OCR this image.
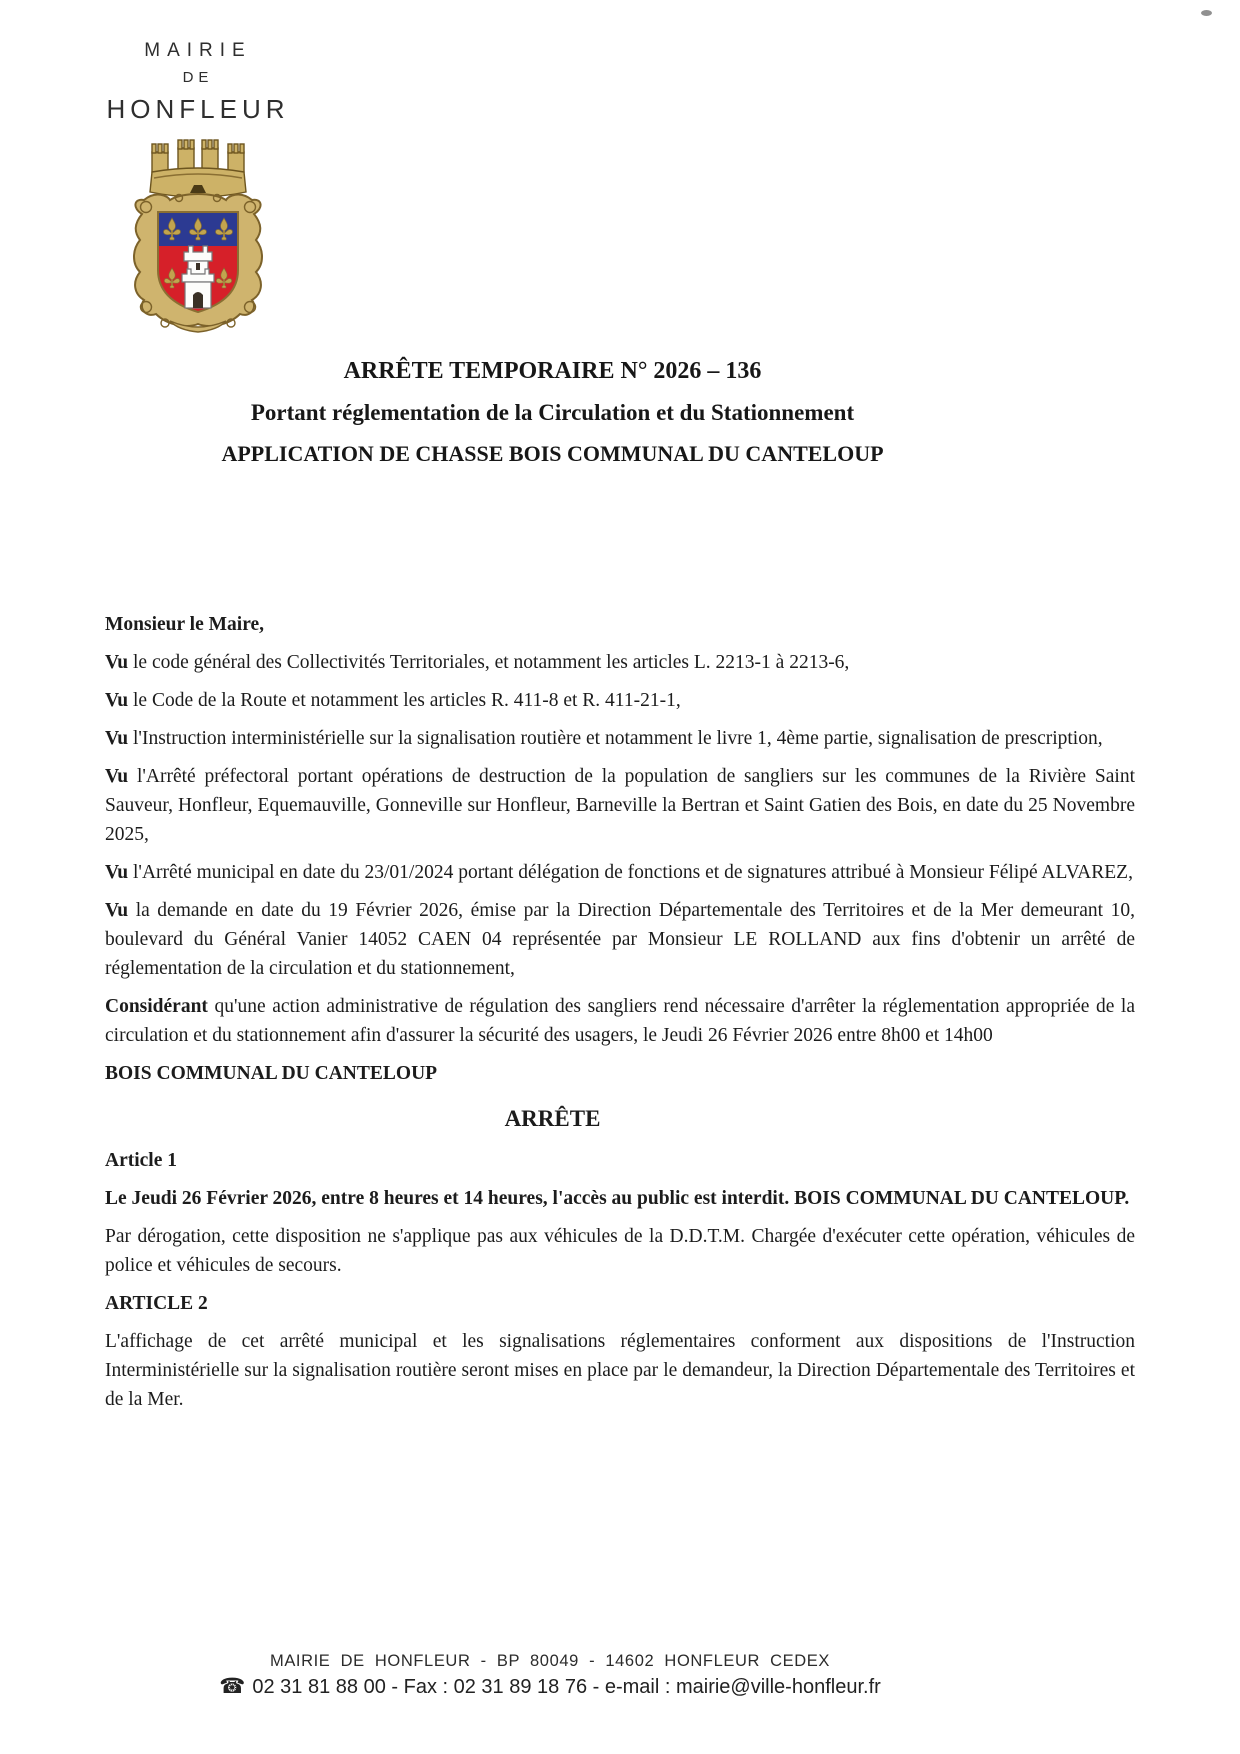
MAIRIE
DE
HONFLEUR
ARRÊTE TEMPORAIRE N° 2026 – 136
Portant réglementation de la Circulation et du Stationnement
APPLICATION DE CHASSE BOIS COMMUNAL DU CANTELOUP

Monsieur le Maire,

Vu le code général des Collectivités Territoriales, et notamment les articles L. 2213-1 à 2213-6,

Vu le Code de la Route et notamment les articles R. 411-8 et R. 411-21-1,

Vu l'Instruction interministérielle sur la signalisation routière et notamment le livre 1, 4ème partie, signalisation de prescription,

Vu l'Arrêté préfectoral portant opérations de destruction de la population de sangliers sur les communes de la Rivière Saint Sauveur, Honfleur, Equemauville, Gonneville sur Honfleur, Barneville la Bertran et Saint Gatien des Bois, en date du 25 Novembre 2025,

Vu l'Arrêté municipal en date du 23/01/2024 portant délégation de fonctions et de signatures attribué à Monsieur Félipé ALVAREZ,

Vu la demande en date du 19 Février 2026, émise par la Direction Départementale des Territoires et de la Mer demeurant 10, boulevard du Général Vanier 14052 CAEN 04 représentée par Monsieur LE ROLLAND aux fins d'obtenir un arrêté de réglementation de la circulation et du stationnement,

Considérant qu'une action administrative de régulation des sangliers rend nécessaire d'arrêter la réglementation appropriée de la circulation et du stationnement afin d'assurer la sécurité des usagers, le Jeudi 26 Février 2026 entre 8h00 et 14h00

BOIS COMMUNAL DU CANTELOUP

ARRÊTE

Article 1

Le Jeudi 26 Février 2026, entre 8 heures et 14 heures, l'accès au public est interdit. BOIS COMMUNAL DU CANTELOUP.

Par dérogation, cette disposition ne s'applique pas aux véhicules de la D.D.T.M. Chargée d'exécuter cette opération, véhicules de police et véhicules de secours.

ARTICLE 2

L'affichage de cet arrêté municipal et les signalisations réglementaires conforment aux dispositions de l'Instruction Interministérielle sur la signalisation routière seront mises en place par le demandeur, la Direction Départementale des Territoires et de la Mer.

MAIRIE DE HONFLEUR - BP 80049 - 14602 HONFLEUR CEDEX
☎ 02 31 81 88 00 - Fax : 02 31 89 18 76 - e-mail : mairie@ville-honfleur.fr
